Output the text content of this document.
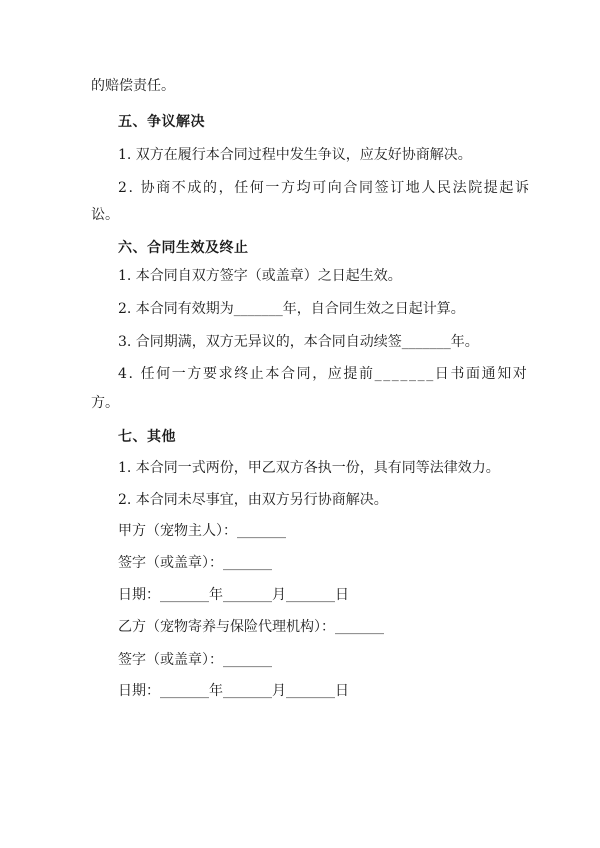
的赔偿责任。
五、争议解决
1. 双方在履行本合同过程中发生争议，应友好协商解决。
2. 协商不成的，任何一方均可向合同签订地人民法院提起诉
讼。
六、合同生效及终止
1. 本合同自双方签字（或盖章）之日起生效。
2. 本合同有效期为_______年，自合同生效之日起计算。
3. 合同期满，双方无异议的，本合同自动续签_______年。
4. 任何一方要求终止本合同，应提前_______日书面通知对
方。
七、其他
1. 本合同一式两份，甲乙双方各执一份，具有同等法律效力。
2. 本合同未尽事宜，由双方另行协商解决。
甲方（宠物主人）：_______
签字（或盖章）：_______
日期：_______年_______月_______日
乙方（宠物寄养与保险代理机构）：_______
签字（或盖章）：_______
日期：_______年_______月_______日
